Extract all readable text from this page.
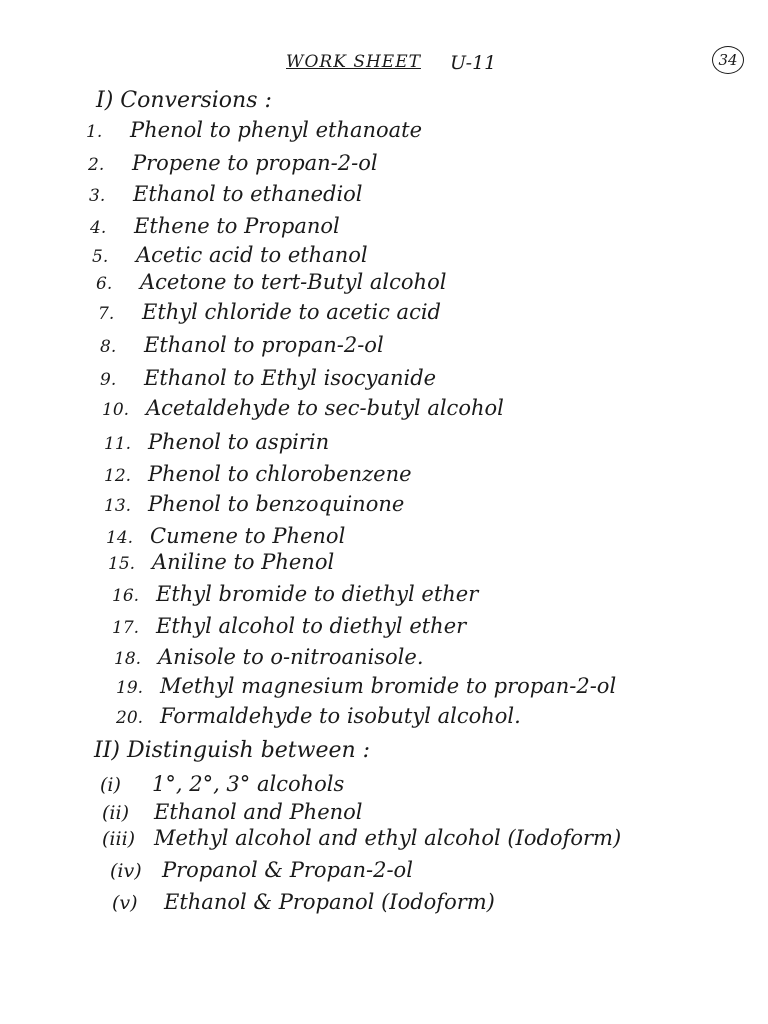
WORK SHEET U-11	34
I) Conversions :
1.	Phenol to phenyl ethanoate
2.	Propene to propan-2-ol
3.	Ethanol to ethanediol
4.	Ethene to Propanol
5.	Acetic acid to ethanol
6.	Acetone to tert-Butyl alcohol
7.	Ethyl chloride to acetic acid
8.	Ethanol to propan-2-ol
9.	Ethanol to Ethyl isocyanide
10. Acetaldehyde to sec-butyl alcohol
11. Phenol to aspirin
12. Phenol to chlorobenzene
13. Phenol to benzoquinone
14. Cumene to Phenol
15. Aniline to Phenol
16. Ethyl bromide to diethyl ether
17. Ethyl alcohol to diethyl ether
18. Anisole to o-nitroanisole.
19. Methyl magnesium bromide to propan-2-ol
20. Formaldehyde to isobutyl alcohol.
II) Distinguish between :
(i)	1°, 2°, 3° alcohols
(ii)	Ethanol and Phenol
(iii) Methyl alcohol and ethyl alcohol (Iodoform)
(iv) Propanol & Propan-2-ol
(v)	Ethanol & Propanol (Iodoform)
